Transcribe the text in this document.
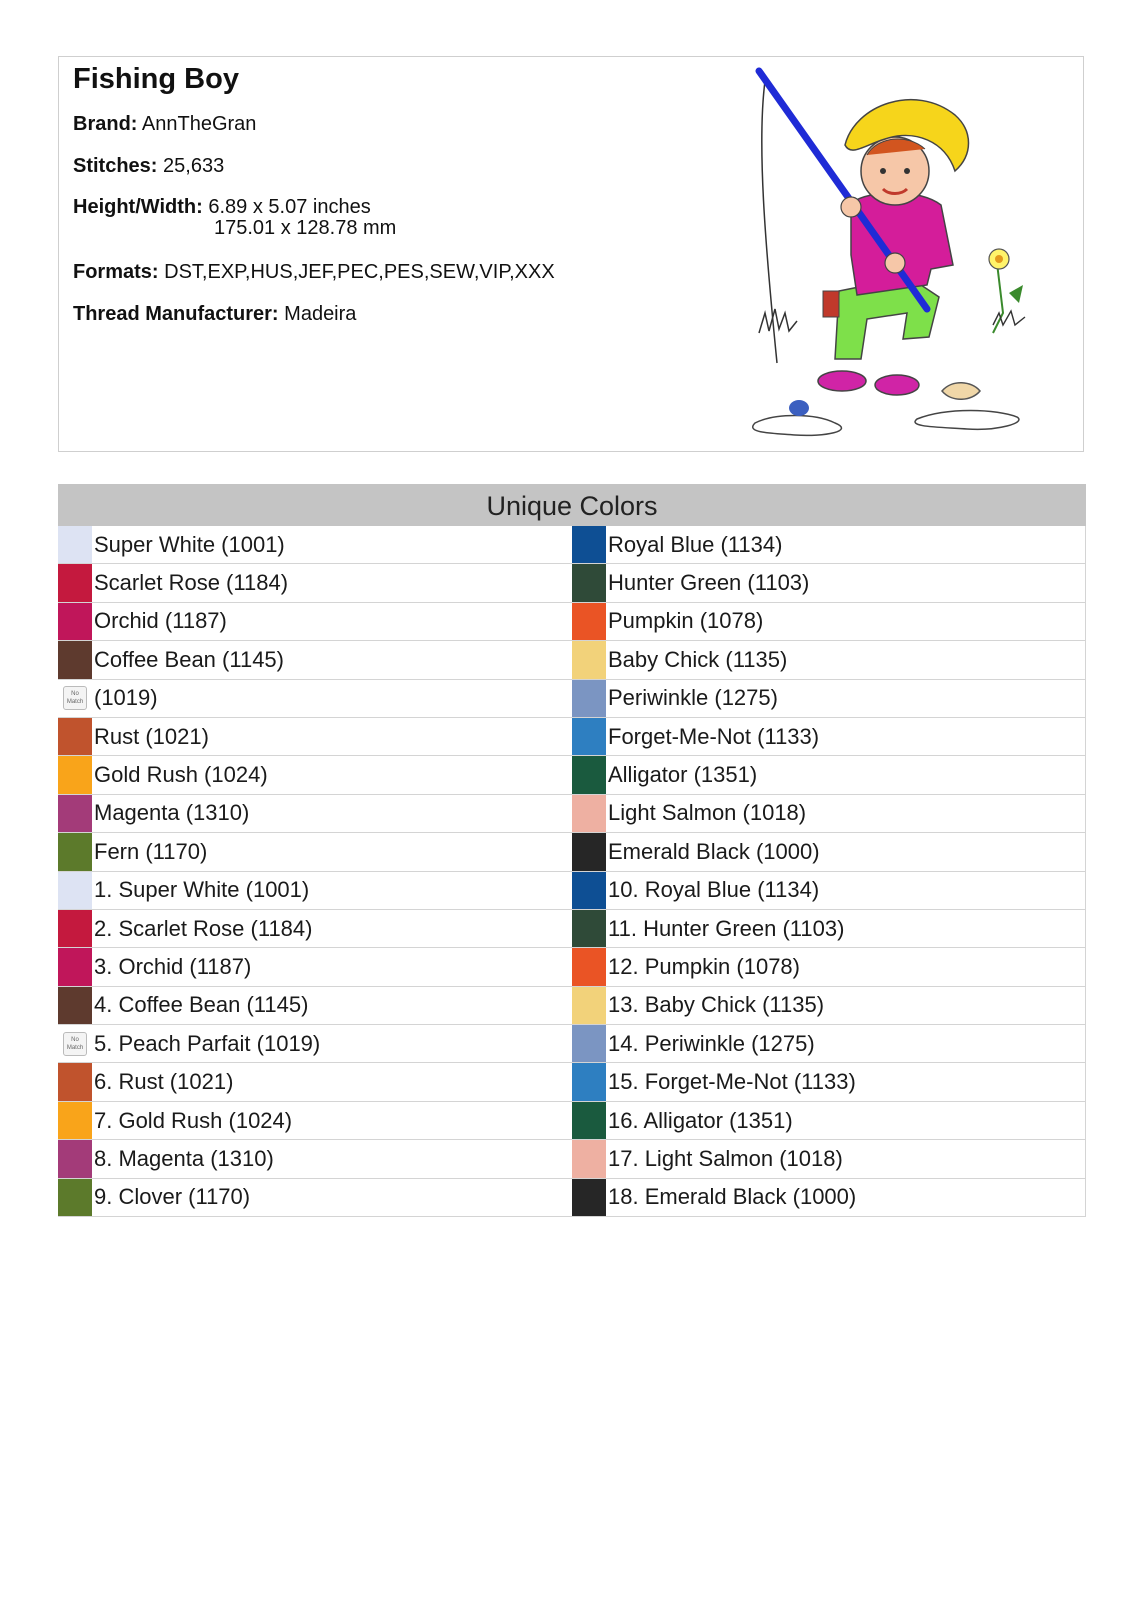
Fishing Boy
Brand: AnnTheGran
Stitches: 25,633
Height/Width: 6.89 x 5.07 inches
175.01 x 128.78 mm
Formats: DST,EXP,HUS,JEF,PEC,PES,SEW,VIP,XXX
Thread Manufacturer: Madeira
Unique Colors
Super White (1001)
Scarlet Rose (1184)
Orchid (1187)
Coffee Bean (1145)
No
Match (1019)
Rust (1021)
Gold Rush (1024)
Magenta (1310)
Fern (1170)
1. Super White (1001)
2. Scarlet Rose (1184)
3. Orchid (1187)
4. Coffee Bean (1145)
No
Match 5. Peach Parfait (1019)
6. Rust (1021)
7. Gold Rush (1024)
8. Magenta (1310)
9. Clover (1170)
Royal Blue (1134)
Hunter Green (1103)
Pumpkin (1078)
Baby Chick (1135)
Periwinkle (1275)
Forget-Me-Not (1133)
Alligator (1351)
Light Salmon (1018)
Emerald Black (1000)
10. Royal Blue (1134)
11. Hunter Green (1103)
12. Pumpkin (1078)
13. Baby Chick (1135)
14. Periwinkle (1275)
15. Forget-Me-Not (1133)
16. Alligator (1351)
17. Light Salmon (1018)
18. Emerald Black (1000)
